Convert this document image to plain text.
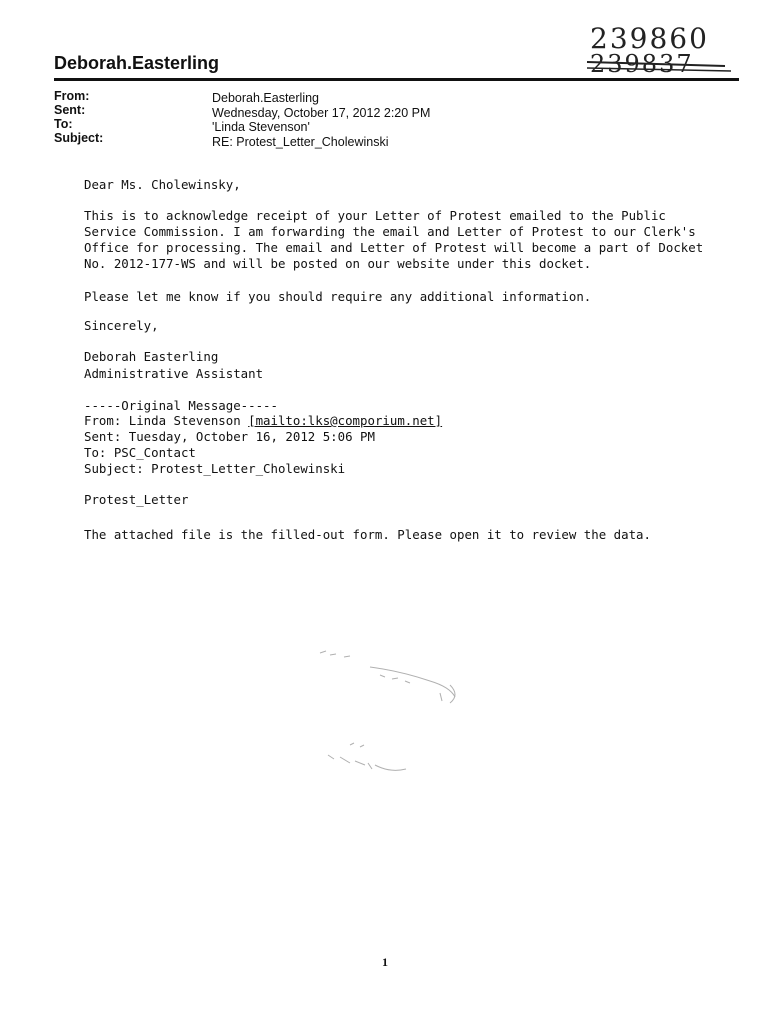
239860
239837
Deborah.Easterling
From:	Deborah.Easterling
Sent:	Wednesday, October 17, 2012 2:20 PM
To:	'Linda Stevenson'
Subject:	RE: Protest_Letter_Cholewinski
Dear Ms. Cholewinsky,
This is to acknowledge receipt of your Letter of Protest emailed to the Public
Service Commission. I am forwarding the email and Letter of Protest to our Clerk's
Office for processing. The email and Letter of Protest will become a part of Docket
No. 2012-177-WS and will be posted on our website under this docket.
Please let me know if you should require any additional information.
Sincerely,
Deborah Easterling
Administrative Assistant
-----Original Message-----
From: Linda Stevenson [mailto:lks@comporium.net]
Sent: Tuesday, October 16, 2012 5:06 PM
To: PSC_Contact
Subject: Protest_Letter_Cholewinski
Protest_Letter
The attached file is the filled-out form. Please open it to review the data.
1
